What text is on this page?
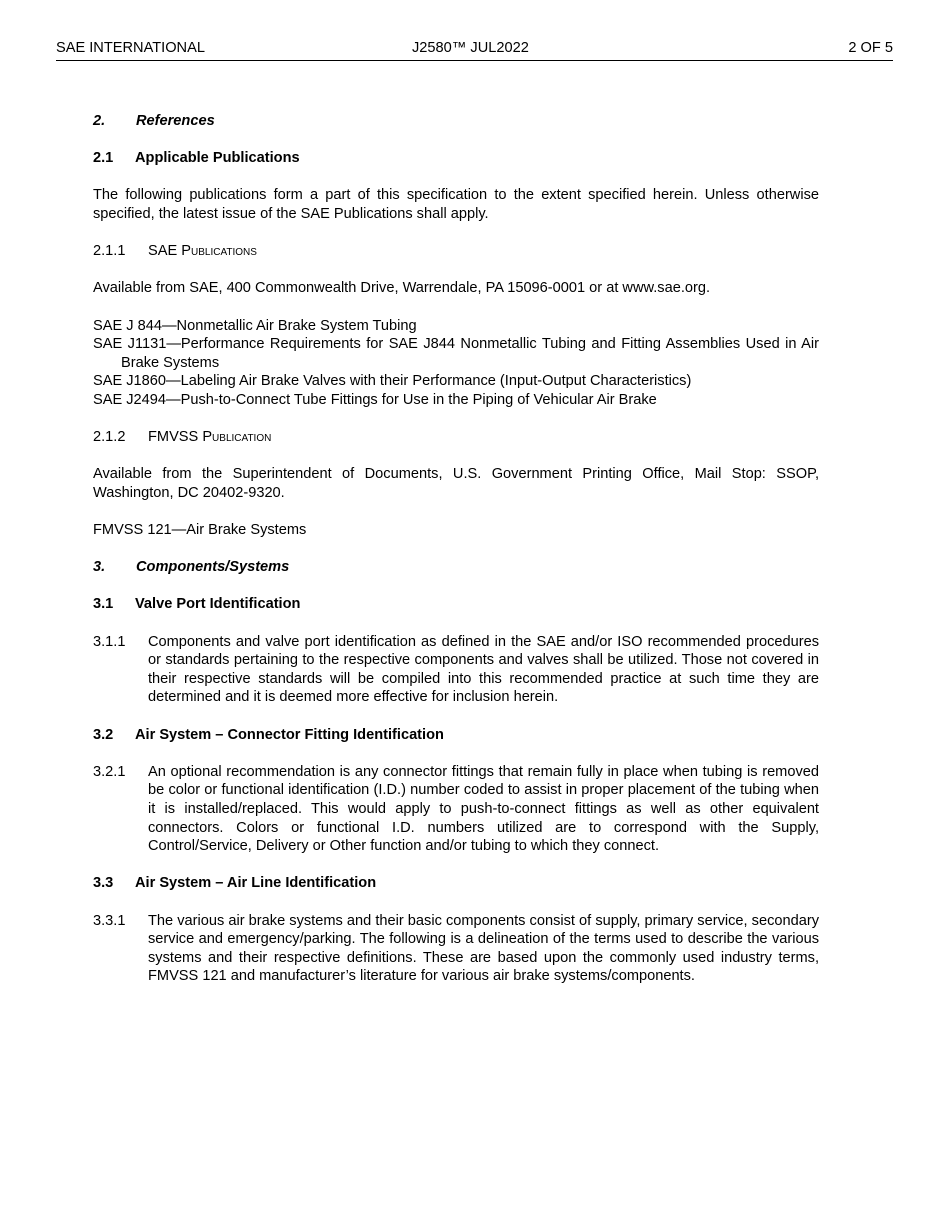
SAE INTERNATIONAL	J2580™ JUL2022	2 OF 5
2. References
2.1 Applicable Publications

The following publications form a part of this specification to the extent specified herein. Unless otherwise specified, the latest issue of the SAE Publications shall apply.

2.1.1 SAE Publications

Available from SAE, 400 Commonwealth Drive, Warrendale, PA 15096-0001 or at www.sae.org.

SAE J 844—Nonmetallic Air Brake System Tubing

SAE J1131—Performance Requirements for SAE J844 Nonmetallic Tubing and Fitting Assemblies Used in Air Brake Systems

SAE J1860—Labeling Air Brake Valves with their Performance (Input-Output Characteristics)

SAE J2494—Push-to-Connect Tube Fittings for Use in the Piping of Vehicular Air Brake

2.1.2 FMVSS Publication

Available from the Superintendent of Documents, U.S. Government Printing Office, Mail Stop: SSOP, Washington, DC 20402-9320.

FMVSS 121—Air Brake Systems

3. Components/Systems
3.1 Valve Port Identification
3.1.1	Components and valve port identification as defined in the SAE and/or ISO recommended procedures or standards pertaining to the respective components and valves shall be utilized. Those not covered in their respective standards will be compiled into this recommended practice at such time they are determined and it is deemed more effective for inclusion herein.
3.2 Air System – Connector Fitting Identification
3.2.1	An optional recommendation is any connector fittings that remain fully in place when tubing is removed be color or functional identification (I.D.) number coded to assist in proper placement of the tubing when it is installed/replaced. This would apply to push-to-connect fittings as well as other equivalent connectors. Colors or functional I.D. numbers utilized are to correspond with the Supply, Control/Service, Delivery or Other function and/or tubing to which they connect.
3.3 Air System – Air Line Identification
3.3.1	The various air brake systems and their basic components consist of supply, primary service, secondary service and emergency/parking. The following is a delineation of the terms used to describe the various systems and their respective definitions. These are based upon the commonly used industry terms, FMVSS 121 and manufacturer’s literature for various air brake systems/components.
